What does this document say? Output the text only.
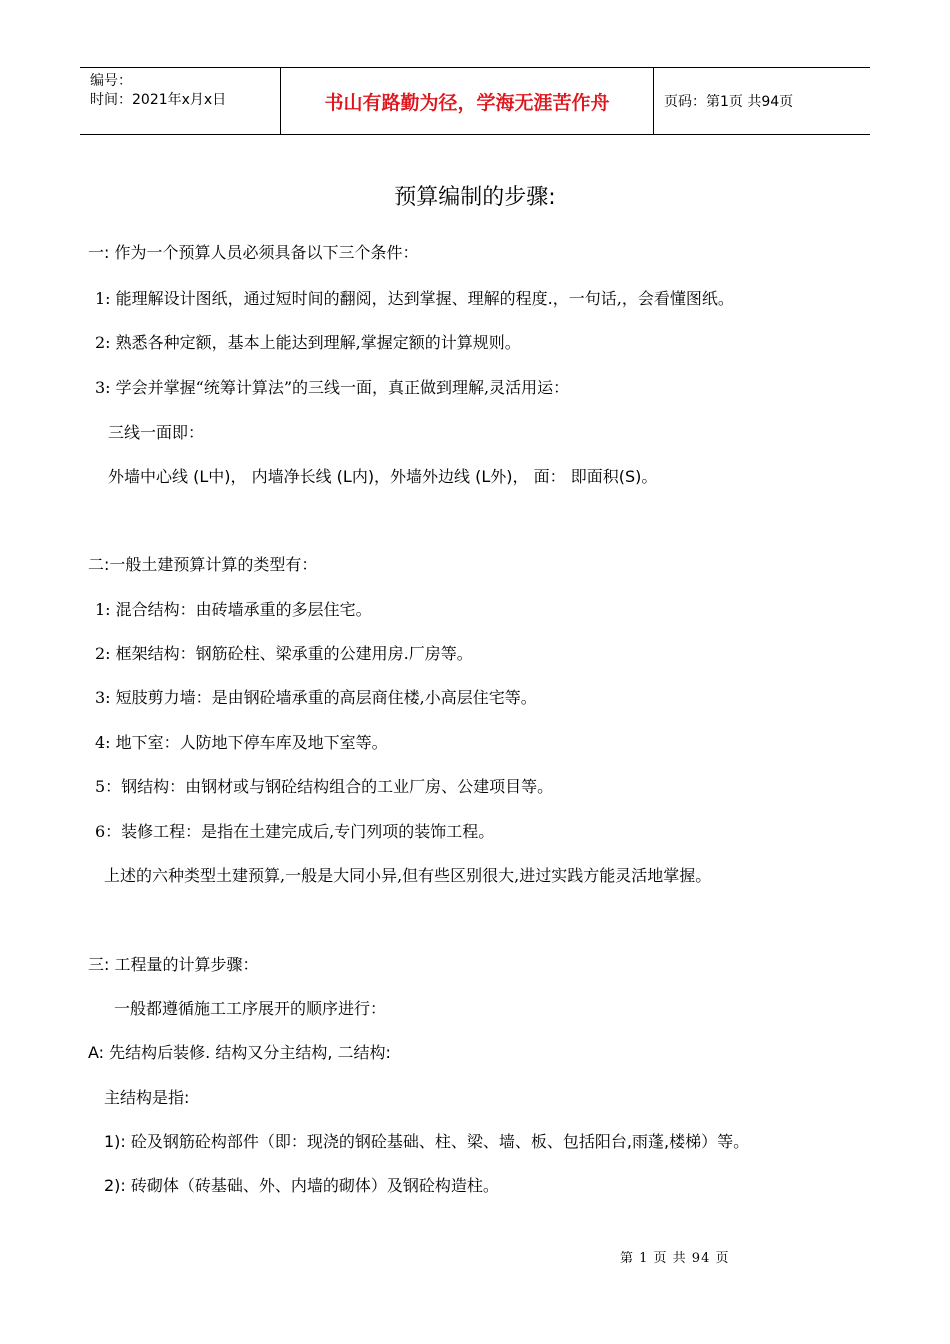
编号：
时间：2021年x月x日	书山有路勤为径，学海无涯苦作舟	页码：第1页 共94页
预算编制的步骤:
一: 作为一个预算人员必须具备以下三个条件：
1: 能理解设计图纸，通过短时间的翻阅，达到掌握、理解的程度.，一句话,，会看懂图纸。
2: 熟悉各种定额，基本上能达到理解,掌握定额的计算规则。
3: 学会并掌握“统筹计算法”的三线一面，真正做到理解,灵活用运：
三线一面即：
外墙中心线 (L中)， 内墙净长线 (L内)，外墙外边线 (L外)， 面： 即面积(S)。
二:一般土建预算计算的类型有：
1: 混合结构：由砖墙承重的多层住宅。
2: 框架结构：钢筋砼柱、梁承重的公建用房.厂房等。
3: 短肢剪力墙：是由钢砼墙承重的高层商住楼,小高层住宅等。
4: 地下室：人防地下停车库及地下室等。
5：钢结构：由钢材或与钢砼结构组合的工业厂房、公建项目等。
6：装修工程：是指在土建完成后,专门列项的装饰工程。
上述的六种类型土建预算,一般是大同小异,但有些区别很大,进过实践方能灵活地掌握。
三: 工程量的计算步骤：
一般都遵循施工工序展开的顺序进行：
A: 先结构后装修. 结构又分主结构, 二结构:
主结构是指:
1): 砼及钢筋砼构部件（即：现浇的钢砼基础、柱、梁、墙、板、包括阳台,雨蓬,楼梯）等。
2): 砖砌体（砖基础、外、内墙的砌体）及钢砼构造柱。
第 1 页 共 94 页
